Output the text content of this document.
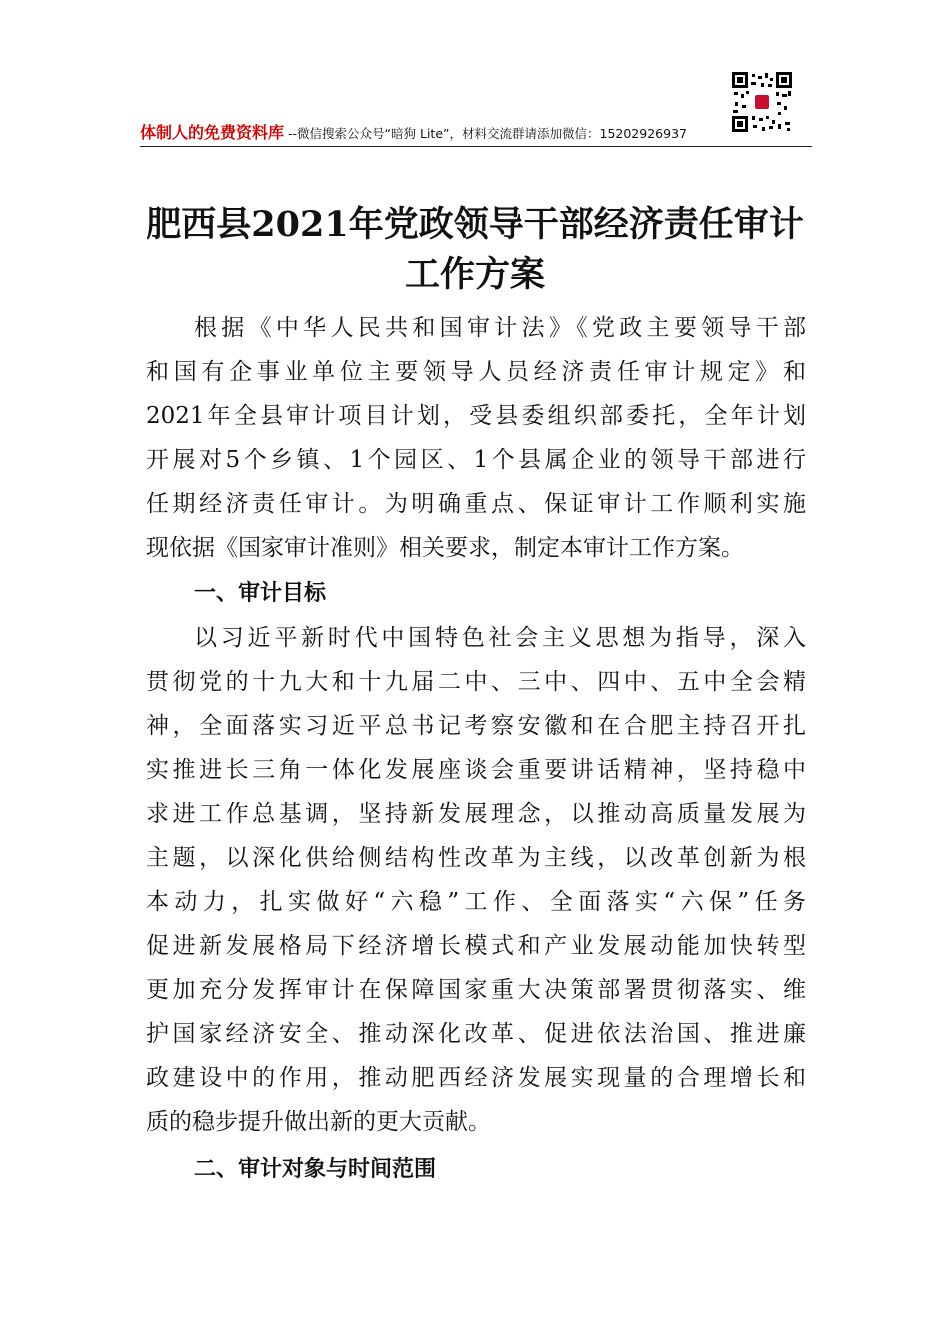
体制人的免费资料库 --微信搜索公众号“暗狗 Lite”，材料交流群请添加微信：15202926937
肥西县2021年党政领导干部经济责任审计
工作方案
根据《中华人民共和国审计法》《党政主要领导干部
和国有企事业单位主要领导人员经济责任审计规定》和
2021年全县审计项目计划，受县委组织部委托，全年计划
开展对5个乡镇、1个园区、1个县属企业的领导干部进行
任期经济责任审计。为明确重点、保证审计工作顺利实施
现依据《国家审计准则》相关要求，制定本审计工作方案。
一、审计目标
以习近平新时代中国特色社会主义思想为指导，深入
贯彻党的十九大和十九届二中、三中、四中、五中全会精
神，全面落实习近平总书记考察安徽和在合肥主持召开扎
实推进长三角一体化发展座谈会重要讲话精神，坚持稳中
求进工作总基调，坚持新发展理念，以推动高质量发展为
主题，以深化供给侧结构性改革为主线，以改革创新为根
本动力，扎实做好“六稳”工作、全面落实“六保”任务
促进新发展格局下经济增长模式和产业发展动能加快转型
更加充分发挥审计在保障国家重大决策部署贯彻落实、维
护国家经济安全、推动深化改革、促进依法治国、推进廉
政建设中的作用，推动肥西经济发展实现量的合理增长和
质的稳步提升做出新的更大贡献。
二、审计对象与时间范围
